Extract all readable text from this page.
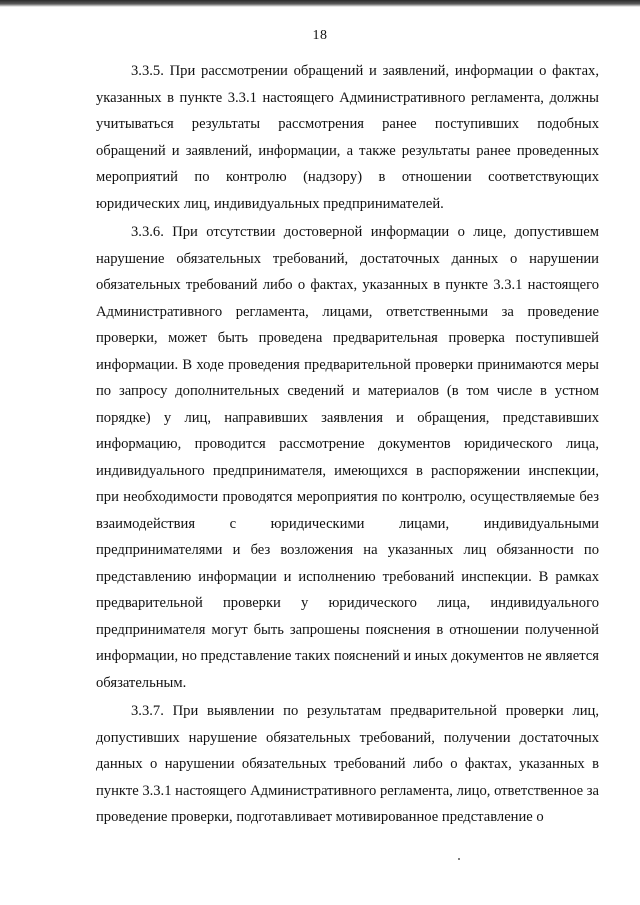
18

3.3.5. При рассмотрении обращений и заявлений, информации о фактах, указанных в пункте 3.3.1 настоящего Административного регламента, должны учитываться результаты рассмотрения ранее поступивших подобных обращений и заявлений, информации, а также результаты ранее проведенных мероприятий по контролю (надзору) в отношении соответствующих юридических лиц, индивидуальных предпринимателей.

3.3.6. При отсутствии достоверной информации о лице, допустившем нарушение обязательных требований, достаточных данных о нарушении обязательных требований либо о фактах, указанных в пункте 3.3.1 настоящего Административного регламента, лицами, ответственными за проведение проверки, может быть проведена предварительная проверка поступившей информации. В ходе проведения предварительной проверки принимаются меры по запросу дополнительных сведений и материалов (в том числе в устном порядке) у лиц, направивших заявления и обращения, представивших информацию, проводится рассмотрение документов юридического лица, индивидуального предпринимателя, имеющихся в распоряжении инспекции, при необходимости проводятся мероприятия по контролю, осуществляемые без взаимодействия с юридическими лицами, индивидуальными предпринимателями и без возложения на указанных лиц обязанности по представлению информации и исполнению требований инспекции. В рамках предварительной проверки у юридического лица, индивидуального предпринимателя могут быть запрошены пояснения в отношении полученной информации, но представление таких пояснений и иных документов не является обязательным.

3.3.7. При выявлении по результатам предварительной проверки лиц, допустивших нарушение обязательных требований, получении достаточных данных о нарушении обязательных требований либо о фактах, указанных в пункте 3.3.1 настоящего Административного регламента, лицо, ответственное за проведение проверки, подготавливает мотивированное представление о
